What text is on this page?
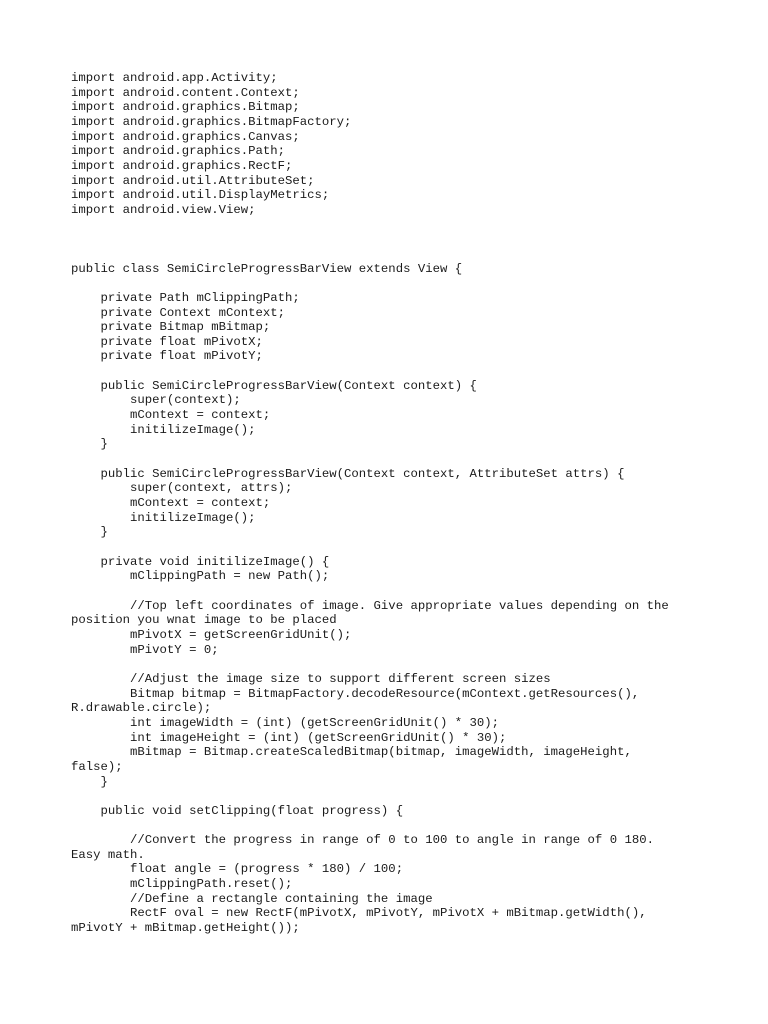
import android.app.Activity;
import android.content.Context;
import android.graphics.Bitmap;
import android.graphics.BitmapFactory;
import android.graphics.Canvas;
import android.graphics.Path;
import android.graphics.RectF;
import android.util.AttributeSet;
import android.util.DisplayMetrics;
import android.view.View;
public class SemiCircleProgressBarView extends View {
private Path mClippingPath;
private Context mContext;
private Bitmap mBitmap;
private float mPivotX;
private float mPivotY;
public SemiCircleProgressBarView(Context context) {
super(context);
mContext = context;
initilizeImage();
}
public SemiCircleProgressBarView(Context context, AttributeSet attrs) {
super(context, attrs);
mContext = context;
initilizeImage();
}
private void initilizeImage() {
mClippingPath = new Path();
//Top left coordinates of image. Give appropriate values depending on the
position you wnat image to be placed
mPivotX = getScreenGridUnit();
mPivotY = 0;
//Adjust the image size to support different screen sizes
Bitmap bitmap = BitmapFactory.decodeResource(mContext.getResources(),
R.drawable.circle);
int imageWidth = (int) (getScreenGridUnit() * 30);
int imageHeight = (int) (getScreenGridUnit() * 30);
mBitmap = Bitmap.createScaledBitmap(bitmap, imageWidth, imageHeight,
false);
}
public void setClipping(float progress) {
//Convert the progress in range of 0 to 100 to angle in range of 0 180.
Easy math.
float angle = (progress * 180) / 100;
mClippingPath.reset();
//Define a rectangle containing the image
RectF oval = new RectF(mPivotX, mPivotY, mPivotX + mBitmap.getWidth(),
mPivotY + mBitmap.getHeight());
